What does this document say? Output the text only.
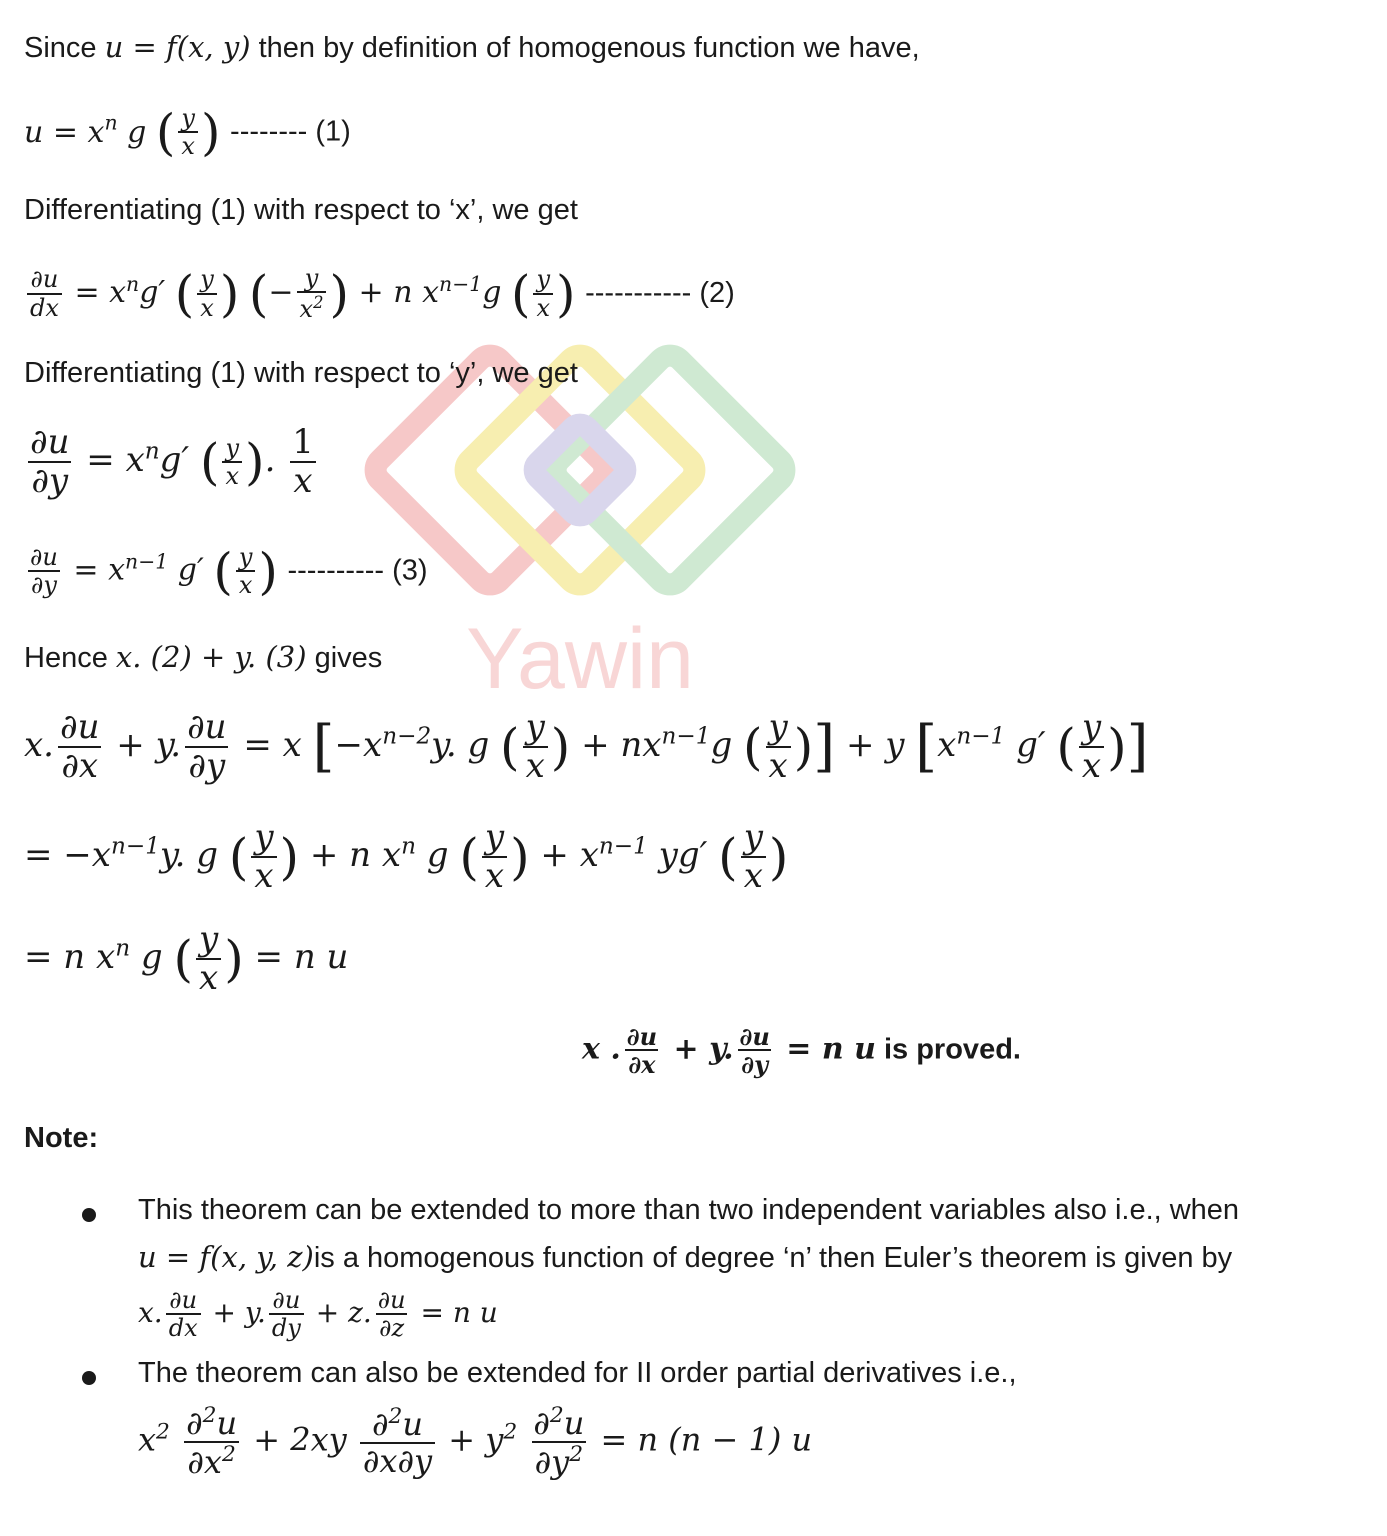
Yawin
Since u = f(x, y) then by definition of homogenous function we have,
$u = x^n$ g ( $\frac{y}{x}$ ) -------- (1)
Differentiating (1) with respect to ‘x’, we get
$\frac{\partial u}{dx} = x^ng'$ ( $\frac{y}{x}$ ) (− $\frac{y}{x^2}$ ) + n $x^{n-1}g$ ( $\frac{y}{x}$ ) ----------- (2)
Differentiating (1) with respect to ‘y’, we get
$\frac{\partial u}{\partial y} = x^ng'$ ( $\frac{y}{x}$ ). $\frac{1}{x}$
$\frac{\partial u}{\partial y} = x^{n-1}$ g′ ( $\frac{y}{x}$ ) ---------- (3)
Hence x. (2) + y. (3) gives
x. $\frac{\partial u}{\partial x} + y$. $\frac{\partial u}{\partial y} = x$ [$-x^{n-2}y$. g ( $\frac{y}{x}$ ) + $nx^{n-1}g$ ( $\frac{y}{x}$ )] + y [$x^{n-1}$ g′ ( $\frac{y}{x}$ )]
= $-x^{n-1}y$. g ( $\frac{y}{x}$ ) + n $x^n$ g ( $\frac{y}{x}$ ) + $x^{n-1}$ yg′ ( $\frac{y}{x}$ )
= n $x^n$ g ( $\frac{y}{x}$ ) = n u
x . $\frac{\partial u}{\partial x} + y$. $\frac{\partial u}{\partial y} = n$ u is proved.
Note:
This theorem can be extended to more than two independent variables also i.e., when
u = f(x, y, z)is a homogenous function of degree ‘n’ then Euler’s theorem is given by
x. $\frac{\partial u}{dx} + y$. $\frac{\partial u}{dy} + z$. $\frac{\partial u}{\partial z} = n$ u
The theorem can also be extended for II order partial derivatives i.e.,
$x^2 \frac{\partial^2u}{\partial x^2} + 2xy \frac{\partial^2u}{\partial x\partial y} + y^2 \frac{\partial^2u}{\partial y^2} = n$ (n − 1) u
